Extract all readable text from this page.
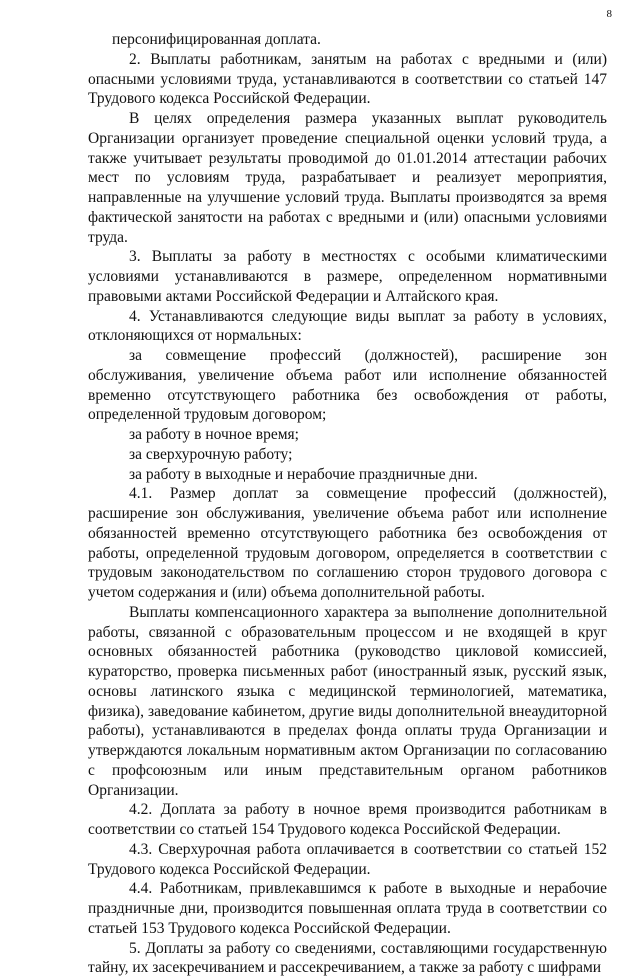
8

персонифицированная доплата.

2. Выплаты работникам, занятым на работах с вредными и (или) опасными условиями труда, устанавливаются в соответствии со статьей 147 Трудового кодекса Российской Федерации.

В целях определения размера указанных выплат руководитель Организации организует проведение специальной оценки условий труда, а также учитывает результаты проводимой до 01.01.2014 аттестации рабочих мест по условиям труда, разрабатывает и реализует мероприятия, направленные на улучшение условий труда. Выплаты производятся за время фактической занятости на работах с вредными и (или) опасными условиями труда.

3. Выплаты за работу в местностях с особыми климатическими условиями устанавливаются в размере, определенном нормативными правовыми актами Российской Федерации и Алтайского края.

4. Устанавливаются следующие виды выплат за работу в условиях, отклоняющихся от нормальных:

за совмещение профессий (должностей), расширение зон обслуживания, увеличение объема работ или исполнение обязанностей временно отсутствующего работника без освобождения от работы, определенной трудовым договором;

за работу в ночное время;

за сверхурочную работу;

за работу в выходные и нерабочие праздничные дни.

4.1. Размер доплат за совмещение профессий (должностей), расширение зон обслуживания, увеличение объема работ или исполнение обязанностей временно отсутствующего работника без освобождения от работы, определенной трудовым договором, определяется в соответствии с трудовым законодательством по соглашению сторон трудового договора с учетом содержания и (или) объема дополнительной работы.

Выплаты компенсационного характера за выполнение дополнительной работы, связанной с образовательным процессом и не входящей в круг основных обязанностей работника (руководство цикловой комиссией, кураторство, проверка письменных работ (иностранный язык, русский язык, основы латинского языка с медицинской терминологией, математика, физика), заведование кабинетом, другие виды дополнительной внеаудиторной работы), устанавливаются в пределах фонда оплаты труда Организации и утверждаются локальным нормативным актом Организации по согласованию с профсоюзным или иным представительным органом работников Организации.

4.2. Доплата за работу в ночное время производится работникам в соответствии со статьей 154 Трудового кодекса Российской Федерации.

4.3. Сверхурочная работа оплачивается в соответствии со статьей 152 Трудового кодекса Российской Федерации.

4.4. Работникам, привлекавшимся к работе в выходные и нерабочие праздничные дни, производится повышенная оплата труда в соответствии со статьей 153 Трудового кодекса Российской Федерации.

5. Доплаты за работу со сведениями, составляющими государственную тайну, их засекречиванием и рассекречиванием, а также за работу с шифрами
